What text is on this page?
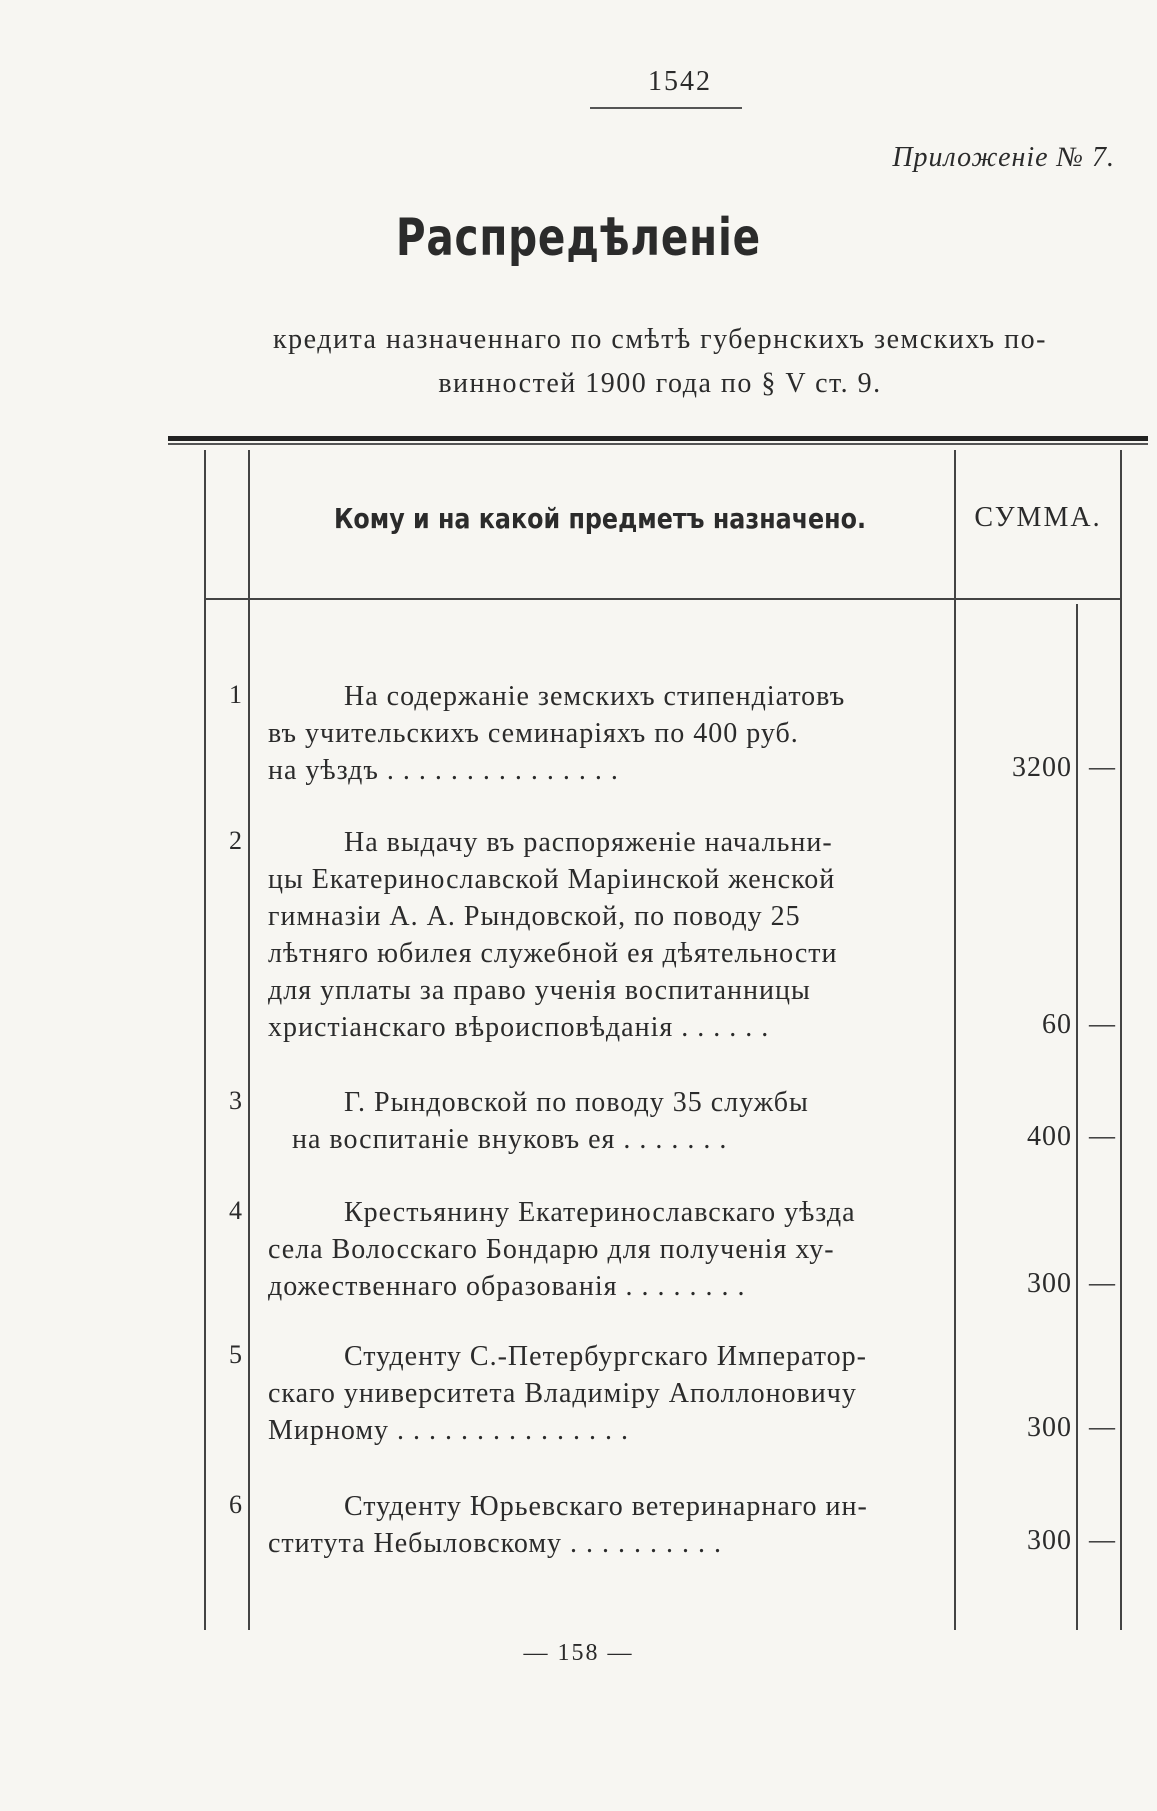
1542
Приложеніе № 7.
Распредѣленіе
кредита назначеннаго по смѣтѣ губернскихъ земскихъ по-
винностей 1900 года по § V ст. 9.
Кому и на какой предметъ назначено.	СУММА.
1	На содержаніе земскихъ стипендіатовъ
въ учительскихъ семинаріяхъ по 400 руб.
на уѣздъ . . . . . . . . . . . . . . .	3200 —
2	На выдачу въ распоряженіе начальни-
цы Екатеринославской Маріинской женской
гимназіи А. А. Рындовской, по поводу 25
лѣтняго юбилея служебной ея дѣятельности
для уплаты за право ученія воспитанницы
христіанскаго вѣроисповѣданія . . . . . .	60 —
3	Г. Рындовской по поводу 35 службы
на воспитаніе внуковъ ея . . . . . . .	400 —
4	Крестьянину Екатеринославскаго уѣзда
села Волосскаго Бондарю для полученія ху-
дожественнаго образованія . . . . . . . .	300 —
5	Студенту С.-Петербургскаго Император-
скаго университета Владиміру Аполлоновичу
Мирному . . . . . . . . . . . . . . .	300 —
6	Студенту Юрьевскаго ветеринарнаго ин-
ститута Небыловскому . . . . . . . . . .	300 —
— 158 —
